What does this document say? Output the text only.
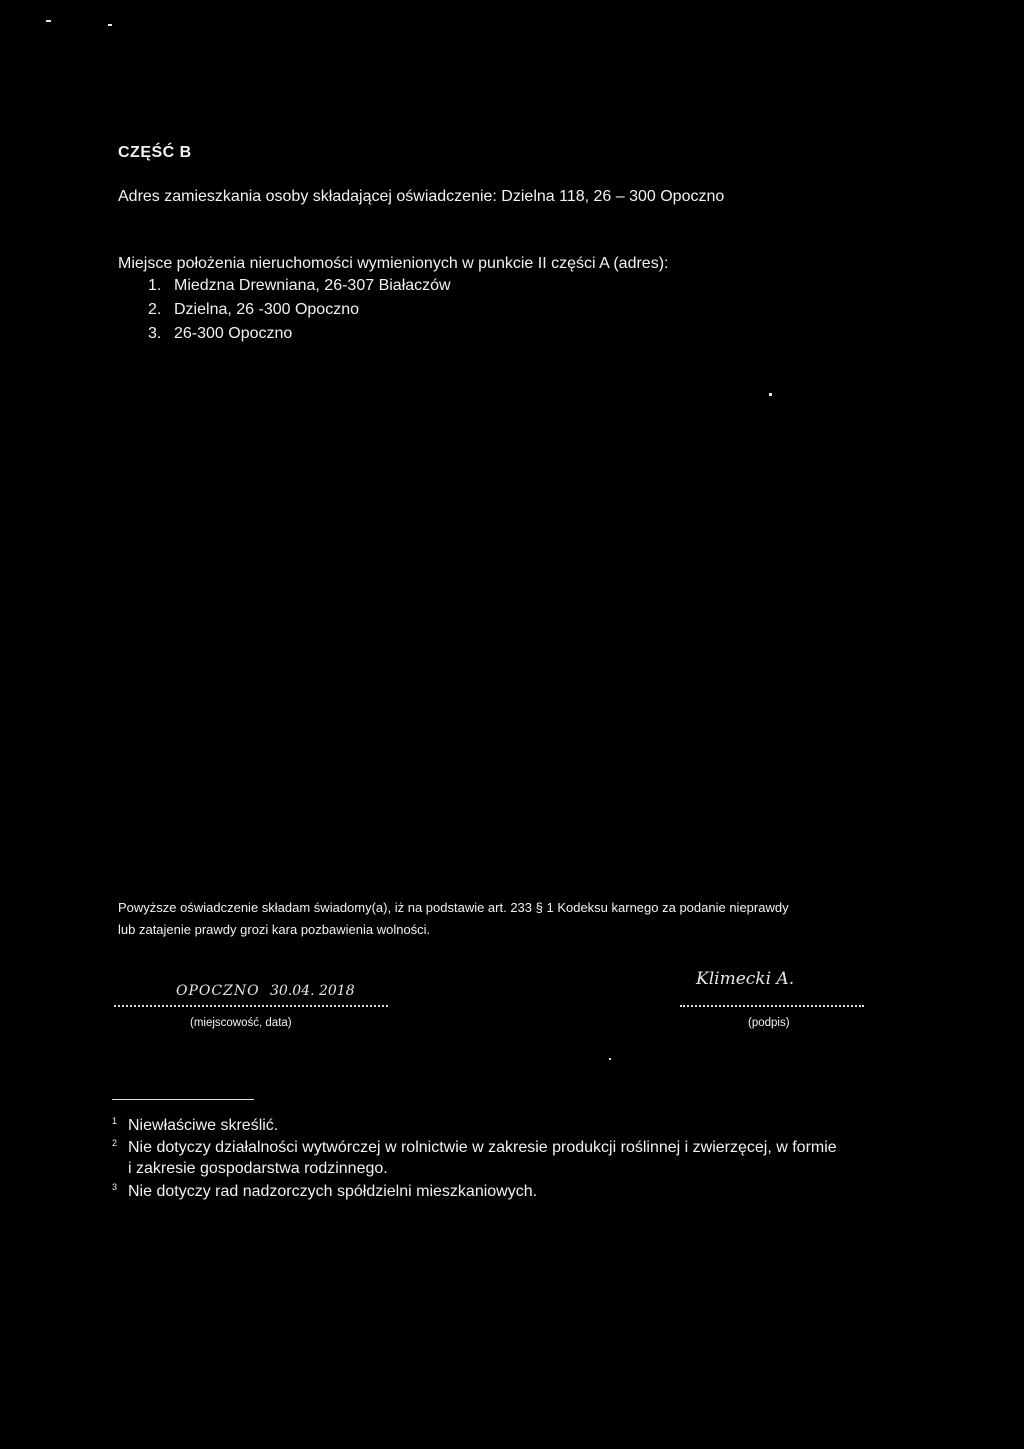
CZĘŚĆ B
Adres zamieszkania osoby składającej oświadczenie: Dzielna 118, 26 – 300 Opoczno
Miejsce położenia nieruchomości wymienionych w punkcie II części A (adres):
1. Miedzna Drewniana, 26-307 Białaczów
2. Dzielna, 26 -300 Opoczno
3. 26-300 Opoczno
Powyższe oświadczenie składam świadomy(a), iż na podstawie art. 233 § 1 Kodeksu karnego za podanie nieprawdy
lub zatajenie prawdy grozi kara pozbawienia wolności.
OPOCZNO 30.04. 2018
(miejscowość, data)
Klimecki A.
(podpis)
$^1$ Niewłaściwe skreślić.
$^2$ Nie dotyczy działalności wytwórczej w rolnictwie w zakresie produkcji roślinnej i zwierzęcej, w formie
i zakresie gospodarstwa rodzinnego.
$^3$ Nie dotyczy rad nadzorczych spółdzielni mieszkaniowych.
